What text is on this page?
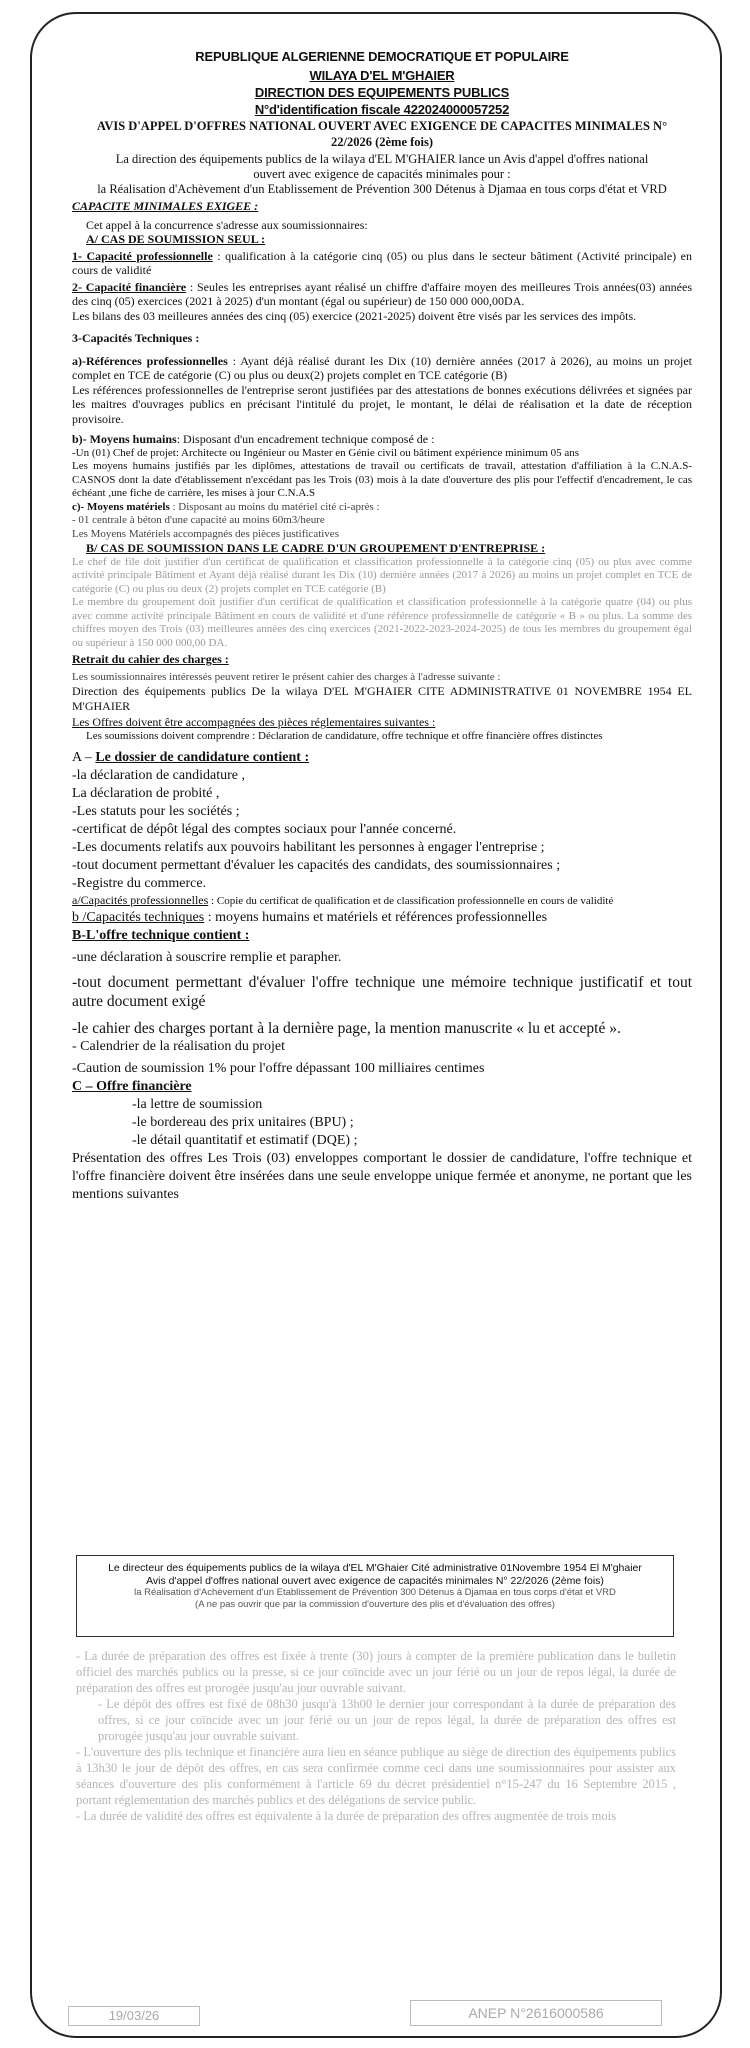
REPUBLIQUE ALGERIENNE DEMOCRATIQUE ET POPULAIRE
WILAYA D'EL M'GHAIER
DIRECTION DES EQUIPEMENTS PUBLICS
N°d'identification fiscale 422024000057252
AVIS D'APPEL D'OFFRES NATIONAL OUVERT AVEC EXIGENCE DE CAPACITES MINIMALES N°
22/2026 (2ème fois)
La direction des équipements publics de la wilaya d'EL M'GHAIER lance un Avis d'appel d'offres national
ouvert avec exigence de capacités minimales pour :
la Réalisation d'Achèvement d'un Etablissement de Prévention 300 Détenus à Djamaa en tous corps d'état et VRD

CAPACITE MINIMALES EXIGEE :

Cet appel à la concurrence s'adresse aux soumissionnaires:

A/ CAS DE SOUMISSION SEUL :

1- Capacité professionnelle : qualification à la catégorie cinq (05) ou plus dans le secteur bâtiment (Activité principale) en cours de validité

2- Capacité financière : Seules les entreprises ayant réalisé un chiffre d'affaire moyen des meilleures Trois années(03) années des cinq (05) exercices (2021 à 2025) d'un montant (égal ou supérieur) de 150 000 000,00DA.

Les bilans des 03 meilleures années des cinq (05) exercice (2021-2025) doivent être visés par les services des impôts.

3-Capacités Techniques :

a)-Références professionnelles : Ayant déjà réalisé durant les Dix (10) dernière années (2017 à 2026), au moins un projet complet en TCE de catégorie (C) ou plus ou deux(2) projets complet en TCE catégorie (B)

Les références professionnelles de l'entreprise seront justifiées par des attestations de bonnes exécutions délivrées et signées par les maitres d'ouvrages publics en précisant l'intitulé du projet, le montant, le délai de réalisation et la date de réception provisoire.

b)- Moyens humains: Disposant d'un encadrement technique composé de :

-Un (01) Chef de projet: Architecte ou Ingénieur ou Master en Génie civil ou bâtiment expérience minimum 05 ans

Les moyens humains justifiés par les diplômes, attestations de travail ou certificats de travail, attestation d'affiliation à la C.N.A.S- CASNOS dont la date d'établissement n'excédant pas les Trois (03) mois à la date d'ouverture des plis pour l'effectif d'encadrement, le cas échéant ,une fiche de carrière, les mises à jour C.N.A.S

c)- Moyens matériels : Disposant au moins du matériel cité ci-après :

- 01 centrale à béton d'une capacité au moins 60m3/heure

Les Moyens Matériels accompagnés des pièces justificatives

B/ CAS DE SOUMISSION DANS LE CADRE D'UN GROUPEMENT D'ENTREPRISE :

Le chef de file doit justifier d'un certificat de qualification et classification professionnelle à la catégorie cinq (05) ou plus avec comme activité principale Bâtiment et Ayant déjà réalisé durant les Dix (10) dernière années (2017 à 2026) au moins un projet complet en TCE de catégorie (C) ou plus ou deux (2) projets complet en TCE catégorie (B)

Le membre du groupement doit justifier d'un certificat de qualification et classification professionnelle à la catégorie quatre (04) ou plus avec comme activité principale Bâtiment en cours de validité et d'une référence professionnelle de catégorie « B » ou plus. La somme des chiffres moyen des Trois (03) meilleures années des cinq exercices (2021-2022-2023-2024-2025) de tous les membres du groupement égal ou supérieur à 150 000 000,00 DA.

Retrait du cahier des charges :

Les soumissionnaires intéressés peuvent retirer le présent cahier des charges à l'adresse suivante :

Direction des équipements publics De la wilaya D'EL M'GHAIER CITE ADMINISTRATIVE 01 NOVEMBRE 1954 EL M'GHAIER

Les Offres doivent être accompagnées des pièces réglementaires suivantes :

Les soumissions doivent comprendre : Déclaration de candidature, offre technique et offre financière offres distinctes

A – Le dossier de candidature contient :

-la déclaration de candidature ,

La déclaration de probité ,

-Les statuts pour les sociétés ;

-certificat de dépôt légal des comptes sociaux pour l'année concerné.

-Les documents relatifs aux pouvoirs habilitant les personnes à engager l'entreprise ;

-tout document permettant d'évaluer les capacités des candidats, des soumissionnaires ;

-Registre du commerce.

a/Capacités professionnelles : Copie du certificat de qualification et de classification professionnelle en cours de validité

b /Capacités techniques : moyens humains et matériels et références professionnelles

B-L'offre technique contient :

-une déclaration à souscrire remplie et parapher.

-tout document permettant d'évaluer l'offre technique une mémoire technique justificatif et tout autre document exigé

-le cahier des charges portant à la dernière page, la mention manuscrite « lu et accepté ».

- Calendrier de la réalisation du projet

-Caution de soumission 1% pour l'offre dépassant 100 milliaires centimes

C – Offre financière

-la lettre de soumission

-le bordereau des prix unitaires (BPU) ;

-le détail quantitatif et estimatif (DQE) ;

Présentation des offres Les Trois (03) enveloppes comportant le dossier de candidature, l'offre technique et l'offre financière doivent être insérées dans une seule enveloppe unique fermée et anonyme, ne portant que les mentions suivantes

Le directeur des équipements publics de la wilaya d'EL M'Ghaier Cité administrative 01Novembre 1954 El M'ghaier
Avis d'appel d'offres national ouvert avec exigence de capacités minimales N° 22/2026 (2ème fois)
la Réalisation d'Achèvement d'un Etablissement de Prévention 300 Détenus à Djamaa en tous corps d'état et VRD
(A ne pas ouvrir que par la commission d'ouverture des plis et d'évaluation des offres)

- La durée de préparation des offres est fixée à trente (30) jours à compter de la première publication dans le bulletin officiel des marchés publics ou la presse, si ce jour coïncide avec un jour férié ou un jour de repos légal, la durée de préparation des offres est prorogée jusqu'au jour ouvrable suivant.

- Le dépôt des offres est fixé de 08h30 jusqu'à 13h00 le dernier jour correspondant à la durée de préparation des offres, si ce jour coïncide avec un jour férié ou un jour de repos légal, la durée de préparation des offres est prorogée jusqu'au jour ouvrable suivant.

- L'ouverture des plis technique et financière aura lieu en séance publique au siège de direction des équipements publics à 13h30 le jour de dépôt des offres, en cas sera confirmée comme ceci dans une soumissionnaires pour assister aux séances d'ouverture des plis conformément à l'article 69 du décret présidentiel n°15-247 du 16 Septembre 2015 , portant réglementation des marchés publics et des délégations de service public.

- La durée de validité des offres est équivalente à la durée de préparation des offres augmentée de trois mois

19/03/26	ANEP N°2616000586
